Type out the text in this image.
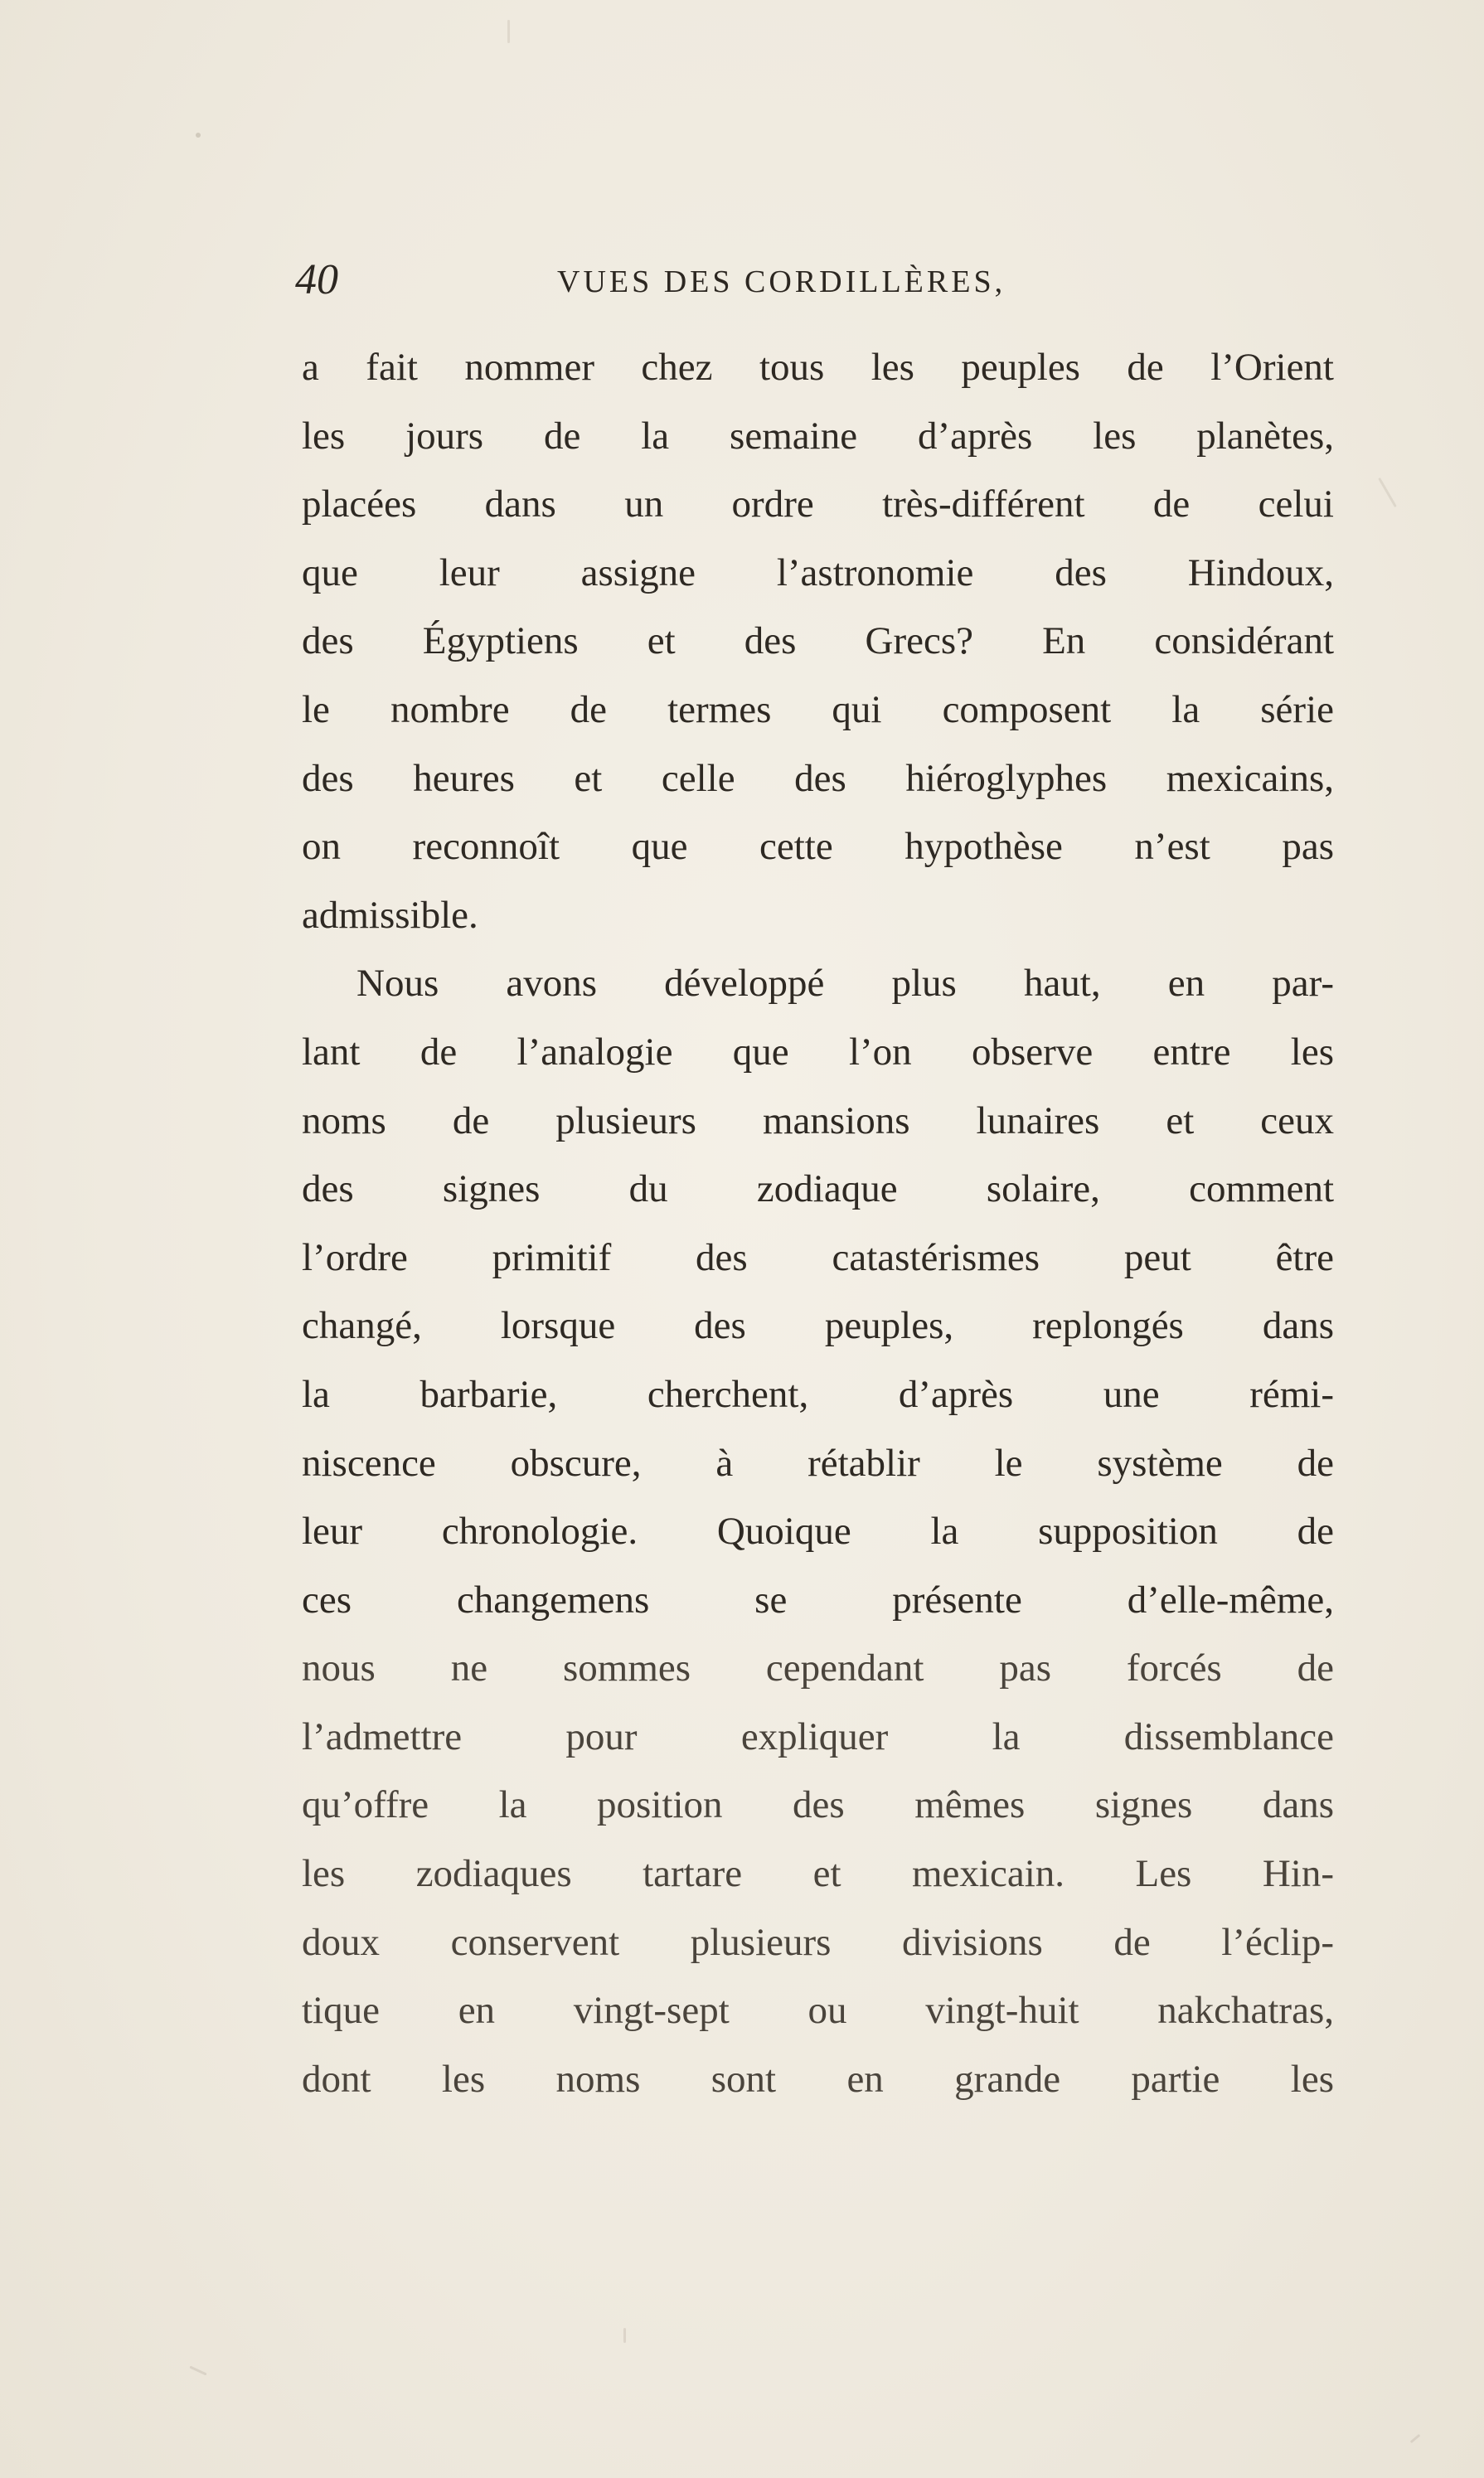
40	VUES DES CORDILLÈRES,
a fait nommer chez tous les peuples de l’Orient
les jours de la semaine d’après les planètes,
placées dans un ordre très-différent de celui
que leur assigne l’astronomie des Hindoux,
des Égyptiens et des Grecs? En considérant
le nombre de termes qui composent la série
des heures et celle des hiéroglyphes mexicains,
on reconnoît que cette hypothèse n’est pas
admissible.
Nous avons développé plus haut, en par-
lant de l’analogie que l’on observe entre les
noms de plusieurs mansions lunaires et ceux
des signes du zodiaque solaire, comment
l’ordre primitif des catastérismes peut être
changé, lorsque des peuples, replongés dans
la barbarie, cherchent, d’après une rémi-
niscence obscure, à rétablir le système de
leur chronologie. Quoique la supposition de
ces changemens se présente d’elle-même,
nous ne sommes cependant pas forcés de
l’admettre pour expliquer la dissemblance
qu’offre la position des mêmes signes dans
les zodiaques tartare et mexicain. Les Hin-
doux conservent plusieurs divisions de l’éclip-
tique en vingt-sept ou vingt-huit nakchatras,
dont les noms sont en grande partie les
